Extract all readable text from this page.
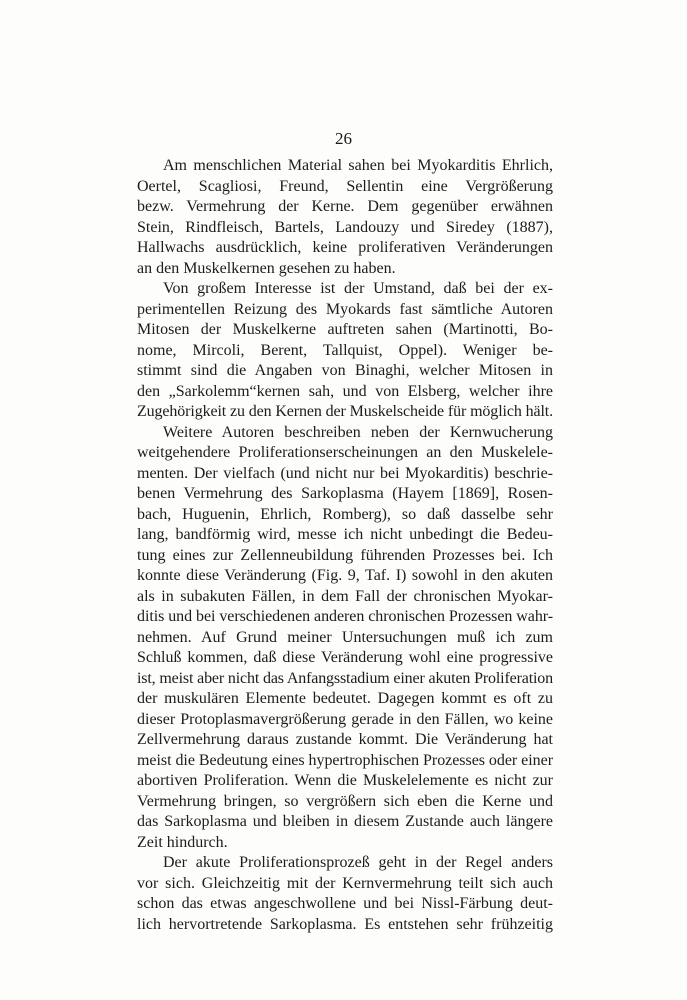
26
Am menschlichen Material sahen bei Myokarditis Ehrlich,
Oertel, Scagliosi, Freund, Sellentin eine Vergrößerung
bezw. Vermehrung der Kerne. Dem gegenüber erwähnen
Stein, Rindfleisch, Bartels, Landouzy und Siredey (1887),
Hallwachs ausdrücklich, keine proliferativen Veränderungen
an den Muskelkernen gesehen zu haben.
Von großem Interesse ist der Umstand, daß bei der ex-
perimentellen Reizung des Myokards fast sämtliche Autoren
Mitosen der Muskelkerne auftreten sahen (Martinotti, Bo-
nome, Mircoli, Berent, Tallquist, Oppel). Weniger be-
stimmt sind die Angaben von Binaghi, welcher Mitosen in
den „Sarkolemm“kernen sah, und von Elsberg, welcher ihre
Zugehörigkeit zu den Kernen der Muskelscheide für möglich hält.
Weitere Autoren beschreiben neben der Kernwucherung
weitgehendere Proliferationserscheinungen an den Muskelele-
menten. Der vielfach (und nicht nur bei Myokarditis) beschrie-
benen Vermehrung des Sarkoplasma (Hayem [1869], Rosen-
bach, Huguenin, Ehrlich, Romberg), so daß dasselbe sehr
lang, bandförmig wird, messe ich nicht unbedingt die Bedeu-
tung eines zur Zellenneubildung führenden Prozesses bei. Ich
konnte diese Veränderung (Fig. 9, Taf. I) sowohl in den akuten
als in subakuten Fällen, in dem Fall der chronischen Myokar-
ditis und bei verschiedenen anderen chronischen Prozessen wahr-
nehmen. Auf Grund meiner Untersuchungen muß ich zum
Schluß kommen, daß diese Veränderung wohl eine progressive
ist, meist aber nicht das Anfangsstadium einer akuten Proliferation
der muskulären Elemente bedeutet. Dagegen kommt es oft zu
dieser Protoplasmavergrößerung gerade in den Fällen, wo keine
Zellvermehrung daraus zustande kommt. Die Veränderung hat
meist die Bedeutung eines hypertrophischen Prozesses oder einer
abortiven Proliferation. Wenn die Muskelelemente es nicht zur
Vermehrung bringen, so vergrößern sich eben die Kerne und
das Sarkoplasma und bleiben in diesem Zustande auch längere
Zeit hindurch.
Der akute Proliferationsprozeß geht in der Regel anders
vor sich. Gleichzeitig mit der Kernvermehrung teilt sich auch
schon das etwas angeschwollene und bei Nissl-Färbung deut-
lich hervortretende Sarkoplasma. Es entstehen sehr frühzeitig
